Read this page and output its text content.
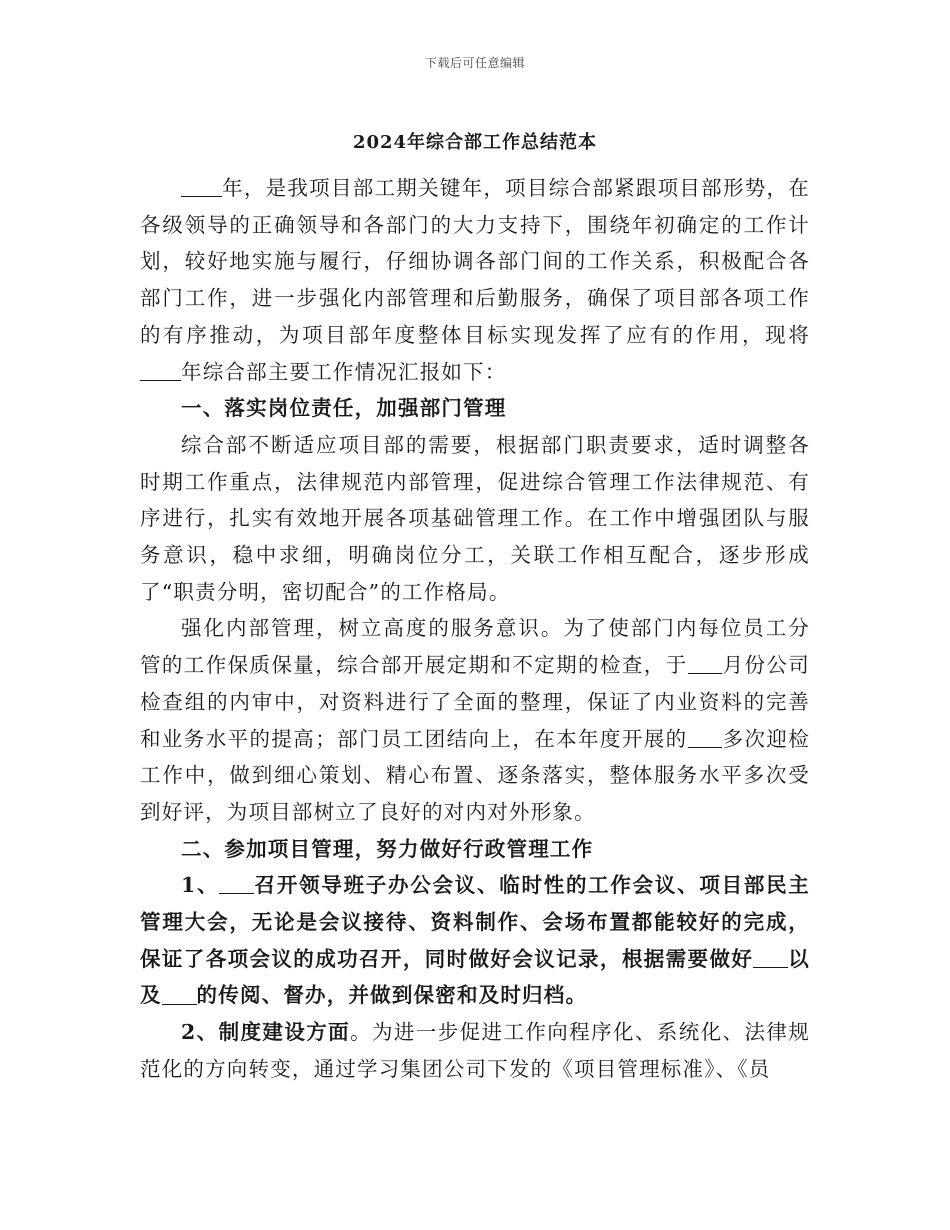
下载后可任意编辑
2024年综合部工作总结范本

年，是我项目部工期关键年，项目综合部紧跟项目部形势，在各级领导的正确领导和各部门的大力支持下，围绕年初确定的工作计划，较好地实施与履行，仔细协调各部门间的工作关系，积极配合各部门工作，进一步强化内部管理和后勤服务，确保了项目部各项工作的有序推动，为项目部年度整体目标实现发挥了应有的作用，现将年综合部主要工作情况汇报如下：

一、落实岗位责任，加强部门管理

综合部不断适应项目部的需要，根据部门职责要求，适时调整各时期工作重点，法律规范内部管理，促进综合管理工作法律规范、有序进行，扎实有效地开展各项基础管理工作。在工作中增强团队与服务意识，稳中求细，明确岗位分工，关联工作相互配合，逐步形成了“职责分明，密切配合”的工作格局。

强化内部管理，树立高度的服务意识。为了使部门内每位员工分管的工作保质保量，综合部开展定期和不定期的检查，于 月份公司检查组的内审中，对资料进行了全面的整理，保证了内业资料的完善和业务水平的提高；部门员工团结向上，在本年度开展的 多次迎检工作中，做到细心策划、精心布置、逐条落实，整体服务水平多次受到好评，为项目部树立了良好的对内对外形象。

二、参加项目管理，努力做好行政管理工作

1、 召开领导班子办公会议、临时性的工作会议、项目部民主管理大会，无论是会议接待、资料制作、会场布置都能较好的完成，保证了各项会议的成功召开，同时做好会议记录，根据需要做好 以及 的传阅、督办，并做到保密和及时归档。

2、制度建设方面。为进一步促进工作向程序化、系统化、法律规范化的方向转变，通过学习集团公司下发的《项目管理标准》、《员
